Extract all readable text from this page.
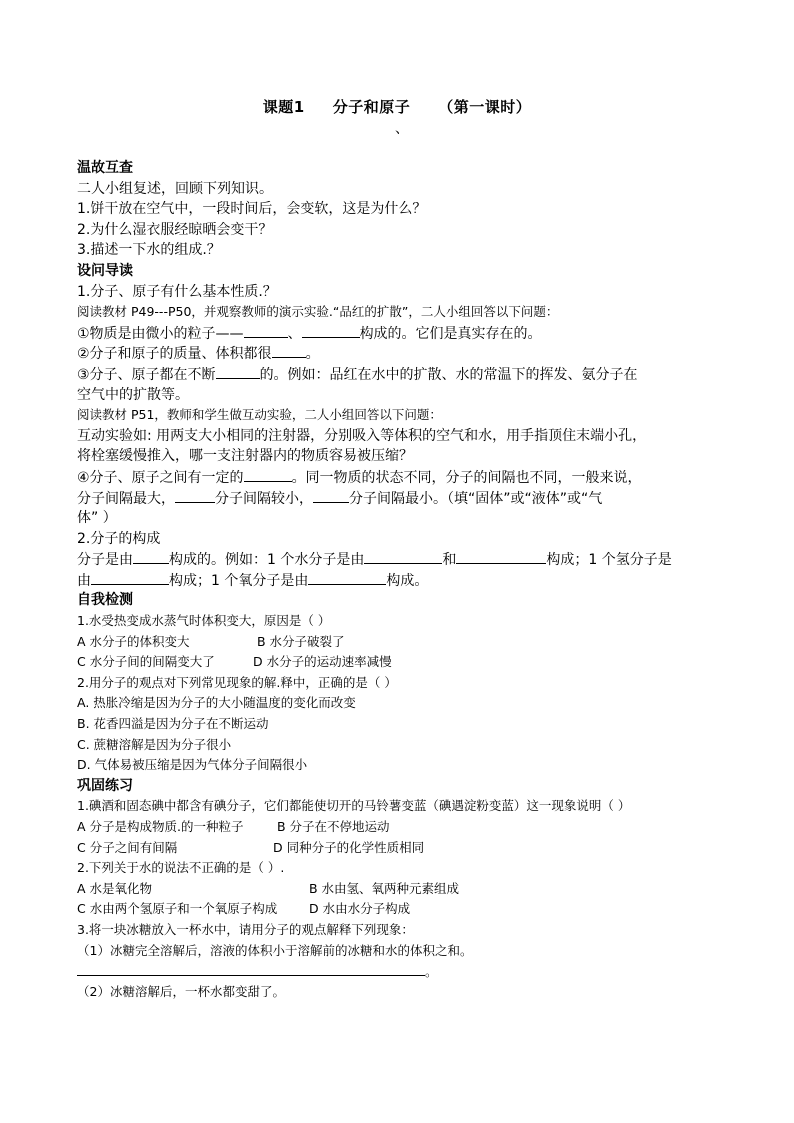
课题1 分子和原子 （第一课时）
、
温故互查
二人小组复述，回顾下列知识。
1.饼干放在空气中，一段时间后，会变软，这是为什么？
2.为什么湿衣服经晾晒会变干？
3.描述一下水的组成.？
设问导读
1.分子、原子有什么基本性质.？
阅读教材 P49---P50，并观察教师的演示实验.“品红的扩散”，二人小组回答以下问题：
①物质是由微小的粒子——	、	构成的。它们是真实存在的。
②分子和原子的质量、体积都很 。
③分子、原子都在不断	的。例如：品红在水中的扩散、水的常温下的挥发、氨分子在
空气中的扩散等。
阅读教材 P51，教师和学生做互动实验，二人小组回答以下问题：
互动实验如: 用两支大小相同的注射器，分别吸入等体积的空气和水，用手指顶住末端小孔，
将栓塞缓慢推入，哪一支注射器内的物质容易被压缩？
④分子、原子之间有一定的	。同一物质的状态不同，分子的间隔也不同，一般来说，
分子间隔最大，	分子间隔较小，	分子间隔最小。（填“固体”或“液体”或“气
体” ）
2.分子的构成
分子是由	构成的。例如：1 个水分子是由	和	构成；1 个氢分子是
由	构成；1 个氧分子是由	构成。
自我检测
1.水受热变成水蒸气时体积变大，原因是（ ）
A 水分子的体积变大	B 水分子破裂了
C 水分子间的间隔变大了	D 水分子的运动速率减慢
2.用分子的观点对下列常见现象的解.释中，正确的是（ ）
A. 热胀冷缩是因为分子的大小随温度的变化而改变
B. 花香四溢是因为分子在不断运动
C. 蔗糖溶解是因为分子很小
D. 气体易被压缩是因为气体分子间隔很小
巩固练习
1.碘酒和固态碘中都含有碘分子，它们都能使切开的马铃薯变蓝（碘遇淀粉变蓝）这一现象说明（ ）
A 分子是构成物质.的一种粒子	B 分子在不停地运动
C 分子之间有间隔	D 同种分子的化学性质相同
2.下列关于水的说法不正确的是（ ）.
A 水是氧化物	B 水由氢、氧两种元素组成
C 水由两个氢原子和一个氧原子构成	D 水由水分子构成
3.将一块冰糖放入一杯水中，请用分子的观点解释下列现象：
（1）冰糖完全溶解后，溶液的体积小于溶解前的冰糖和水的体积之和。
。
（2）冰糖溶解后，一杯水都变甜了。
